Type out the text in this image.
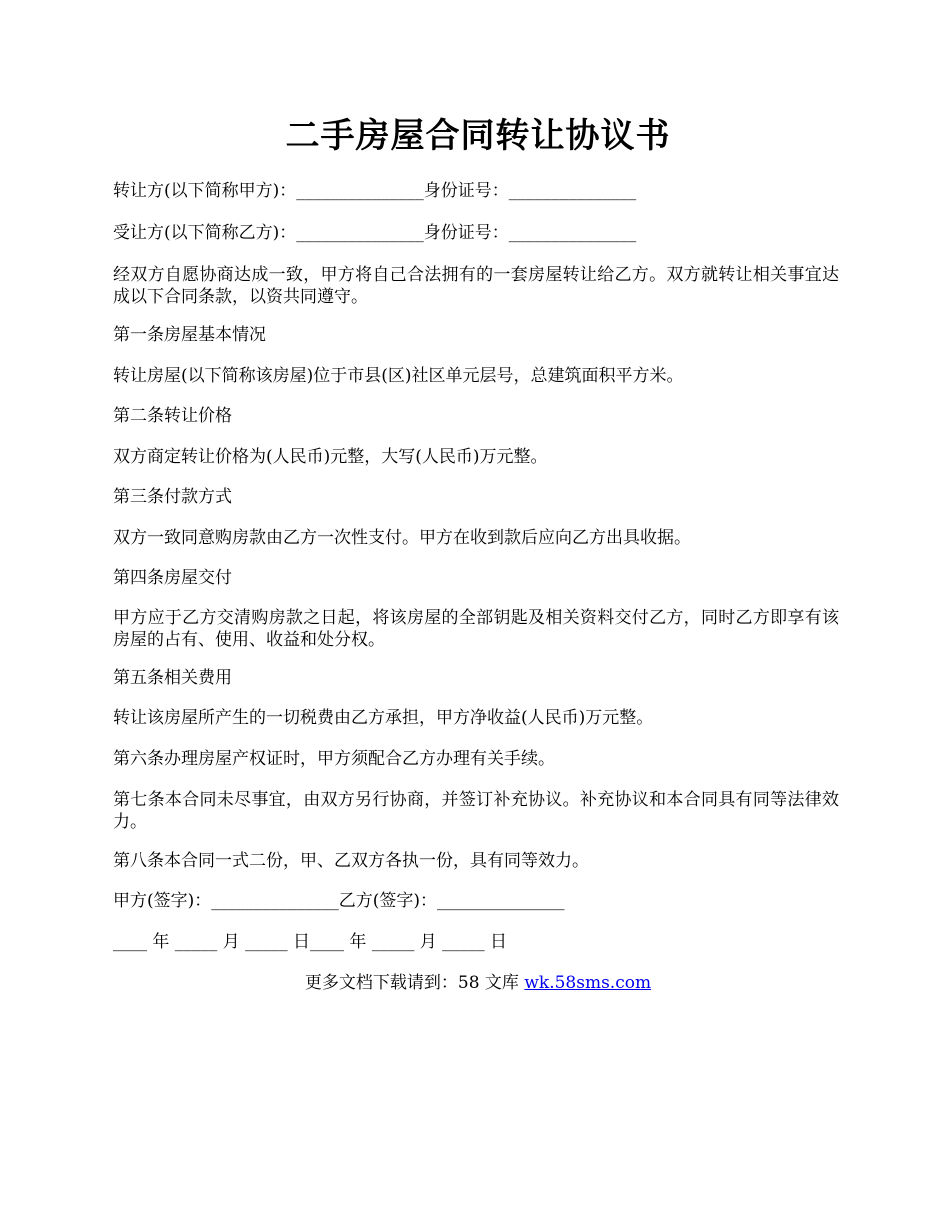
二手房屋合同转让协议书
转让方(以下简称甲方)：_______________身份证号：_______________
受让方(以下简称乙方)：_______________身份证号：_______________
经双方自愿协商达成一致，甲方将自己合法拥有的一套房屋转让给乙方。双方就转让相关事宜达成以下合同条款，以资共同遵守。
第一条房屋基本情况
转让房屋(以下简称该房屋)位于市县(区)社区单元层号，总建筑面积平方米。
第二条转让价格
双方商定转让价格为(人民币)元整，大写(人民币)万元整。
第三条付款方式
双方一致同意购房款由乙方一次性支付。甲方在收到款后应向乙方出具收据。
第四条房屋交付
甲方应于乙方交清购房款之日起，将该房屋的全部钥匙及相关资料交付乙方，同时乙方即享有该房屋的占有、使用、收益和处分权。
第五条相关费用
转让该房屋所产生的一切税费由乙方承担，甲方净收益(人民币)万元整。
第六条办理房屋产权证时，甲方须配合乙方办理有关手续。
第七条本合同未尽事宜，由双方另行协商，并签订补充协议。补充协议和本合同具有同等法律效力。
第八条本合同一式二份，甲、乙双方各执一份，具有同等效力。
甲方(签字)：_______________乙方(签字)：_______________
____ 年 _____ 月 _____ 日____ 年 _____ 月 _____ 日
更多文档下载请到：58 文库 wk.58sms.com
